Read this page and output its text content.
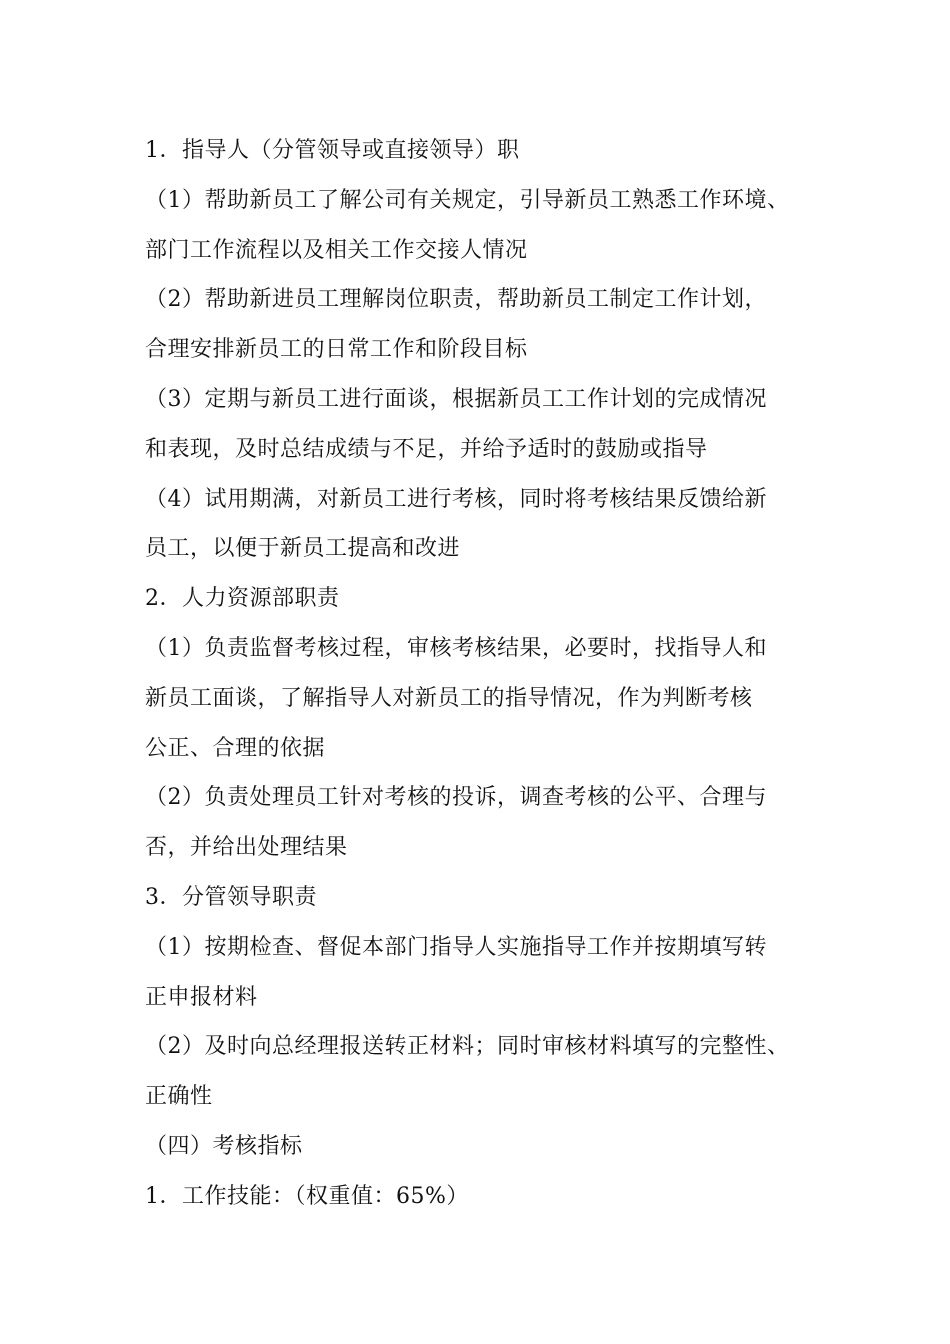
1．指导人（分管领导或直接领导）职
（1）帮助新员工了解公司有关规定，引导新员工熟悉工作环境、
部门工作流程以及相关工作交接人情况
（2）帮助新进员工理解岗位职责，帮助新员工制定工作计划，
合理安排新员工的日常工作和阶段目标
（3）定期与新员工进行面谈，根据新员工工作计划的完成情况
和表现，及时总结成绩与不足，并给予适时的鼓励或指导
（4）试用期满，对新员工进行考核，同时将考核结果反馈给新
员工，以便于新员工提高和改进
2．人力资源部职责
（1）负责监督考核过程，审核考核结果，必要时，找指导人和
新员工面谈，了解指导人对新员工的指导情况，作为判断考核
公正、合理的依据
（2）负责处理员工针对考核的投诉，调查考核的公平、合理与
否，并给出处理结果
3．分管领导职责
（1）按期检查、督促本部门指导人实施指导工作并按期填写转
正申报材料
（2）及时向总经理报送转正材料；同时审核材料填写的完整性、
正确性
（四）考核指标
1．工作技能：（权重值：65%）
